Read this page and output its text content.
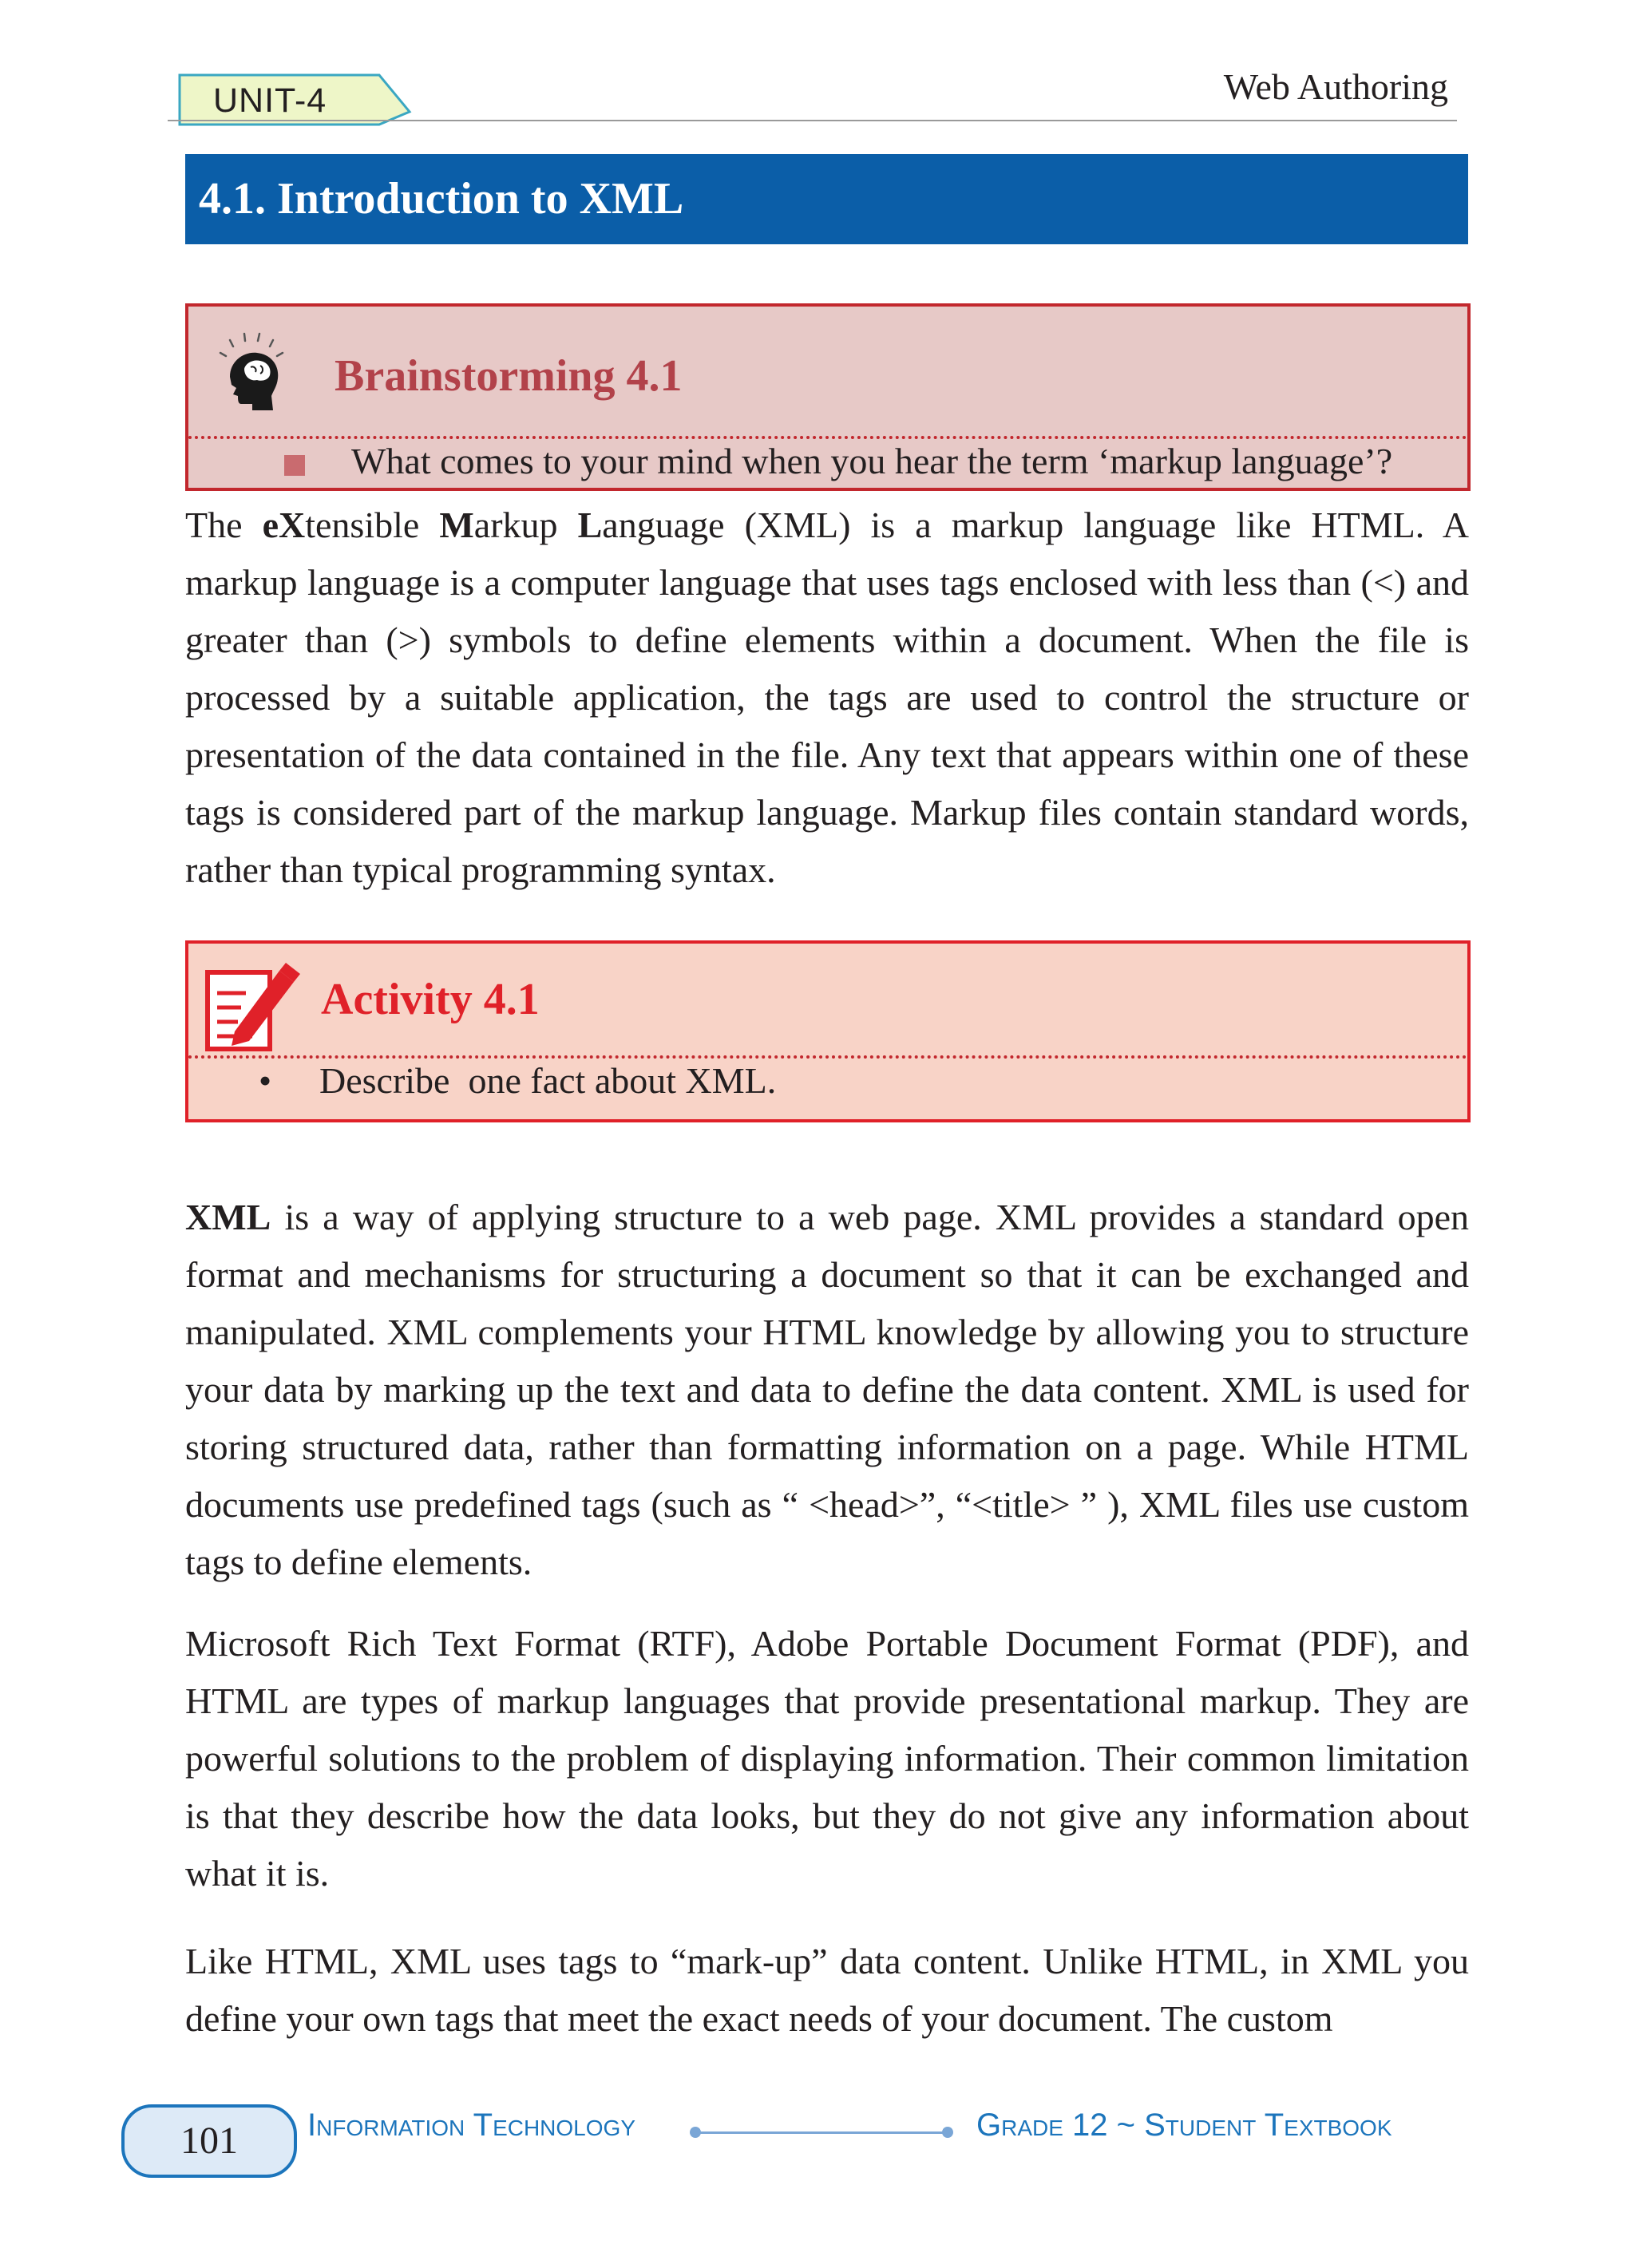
UNIT-4	Web Authoring
4.1. Introduction to XML
Brainstorming 4.1
What comes to your mind when you hear the term ‘markup language’?

The eXtensible Markup Language (XML) is a markup language like HTML. A markup language is a computer language that uses tags enclosed with less than (<) and greater than (>) symbols to define elements within a document. When the file is processed by a suitable application, the tags are used to control the structure or presentation of the data contained in the file. Any text that appears within one of these tags is considered part of the markup language. Markup files contain standard words, rather than typical programming syntax.

Activity 4.1
• Describe  one fact about XML.

XML is a way of applying structure to a web page. XML provides a standard open format and mechanisms for structuring a document so that it can be exchanged and manipulated. XML complements your HTML knowledge by allowing you to structure your data by marking up the text and data to define the data content. XML is used for storing structured data, rather than formatting information on a page. While HTML documents use predefined tags (such as “ <head>”, “<title> ” ), XML files use custom tags to define elements.

Microsoft Rich Text Format (RTF), Adobe Portable Document Format (PDF), and HTML are types of markup languages that provide presentational markup. They are powerful solutions to the problem of displaying information. Their common limitation is that they describe how the data looks, but they do not give any information about what it is.

Like HTML, XML uses tags to “mark-up” data content. Unlike HTML, in XML you define your own tags that meet the exact needs of your document. The custom

101	Information Technology	Grade 12 ~ Student Textbook
